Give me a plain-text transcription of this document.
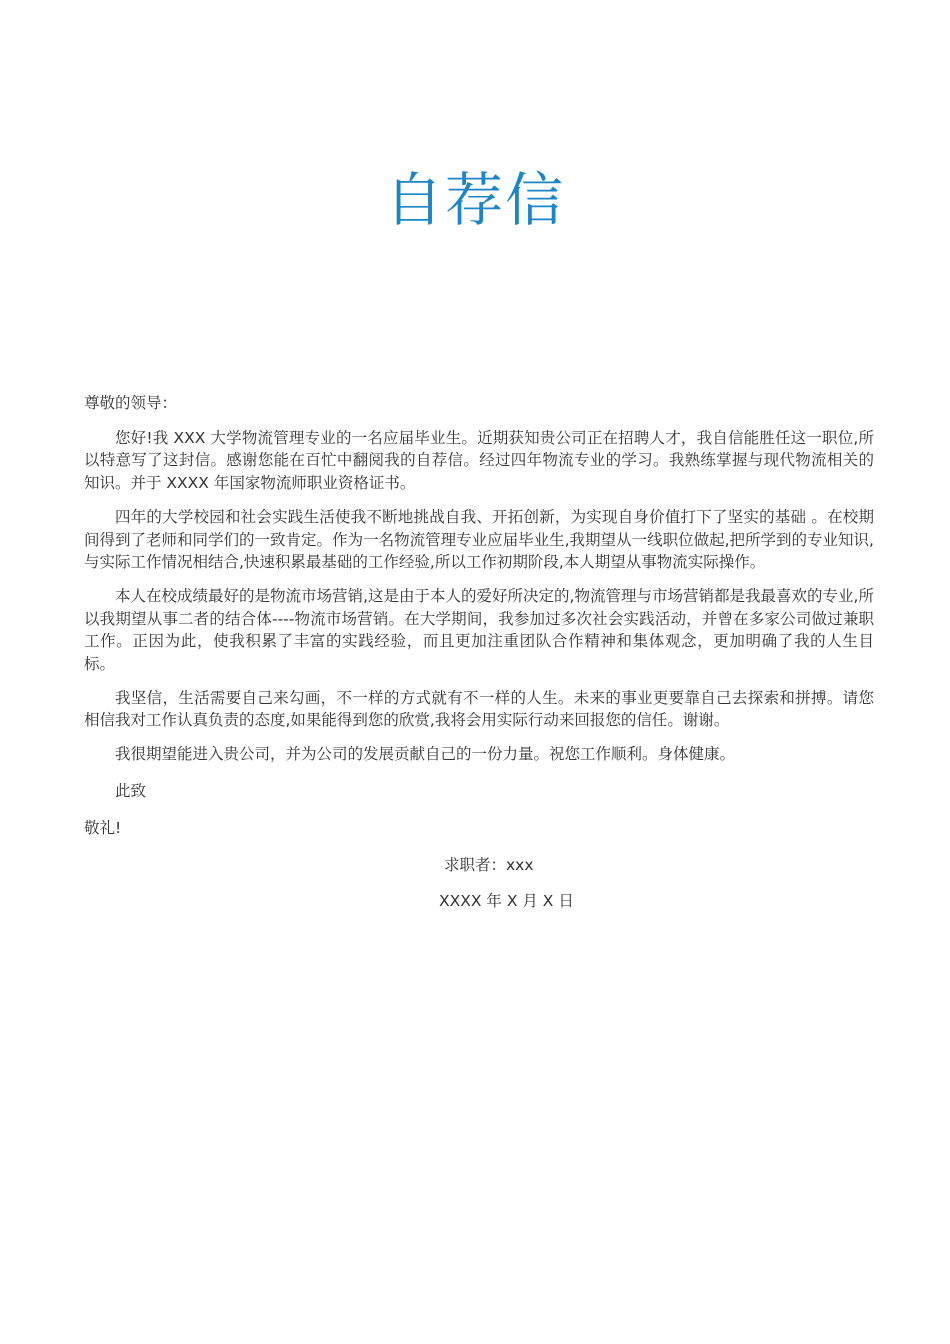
自荐信

尊敬的领导：

您好!我 XXX 大学物流管理专业的一名应届毕业生。近期获知贵公司正在招聘人才，我自信能胜任这一职位,所以特意写了这封信。感谢您能在百忙中翻阅我的自荐信。经过四年物流专业的学习。我熟练掌握与现代物流相关的知识。并于 XXXX 年国家物流师职业资格证书。

四年的大学校园和社会实践生活使我不断地挑战自我、开拓创新，为实现自身价值打下了坚实的基础 。在校期间得到了老师和同学们的一致肯定。作为一名物流管理专业应届毕业生,我期望从一线职位做起,把所学到的专业知识,与实际工作情况相结合,快速积累最基础的工作经验,所以工作初期阶段,本人期望从事物流实际操作。

本人在校成绩最好的是物流市场营销,这是由于本人的爱好所决定的,物流管理与市场营销都是我最喜欢的专业,所以我期望从事二者的结合体----物流市场营销。在大学期间，我参加过多次社会实践活动，并曾在多家公司做过兼职工作。正因为此，使我积累了丰富的实践经验，而且更加注重团队合作精神和集体观念，更加明确了我的人生目标。

我坚信，生活需要自己来勾画，不一样的方式就有不一样的人生。未来的事业更要靠自己去探索和拼搏。请您相信我对工作认真负责的态度,如果能得到您的欣赏,我将会用实际行动来回报您的信任。谢谢。

我很期望能进入贵公司，并为公司的发展贡献自己的一份力量。祝您工作顺利。身体健康。

此致

敬礼!

求职者：xxx

XXXX 年 X 月 X 日
